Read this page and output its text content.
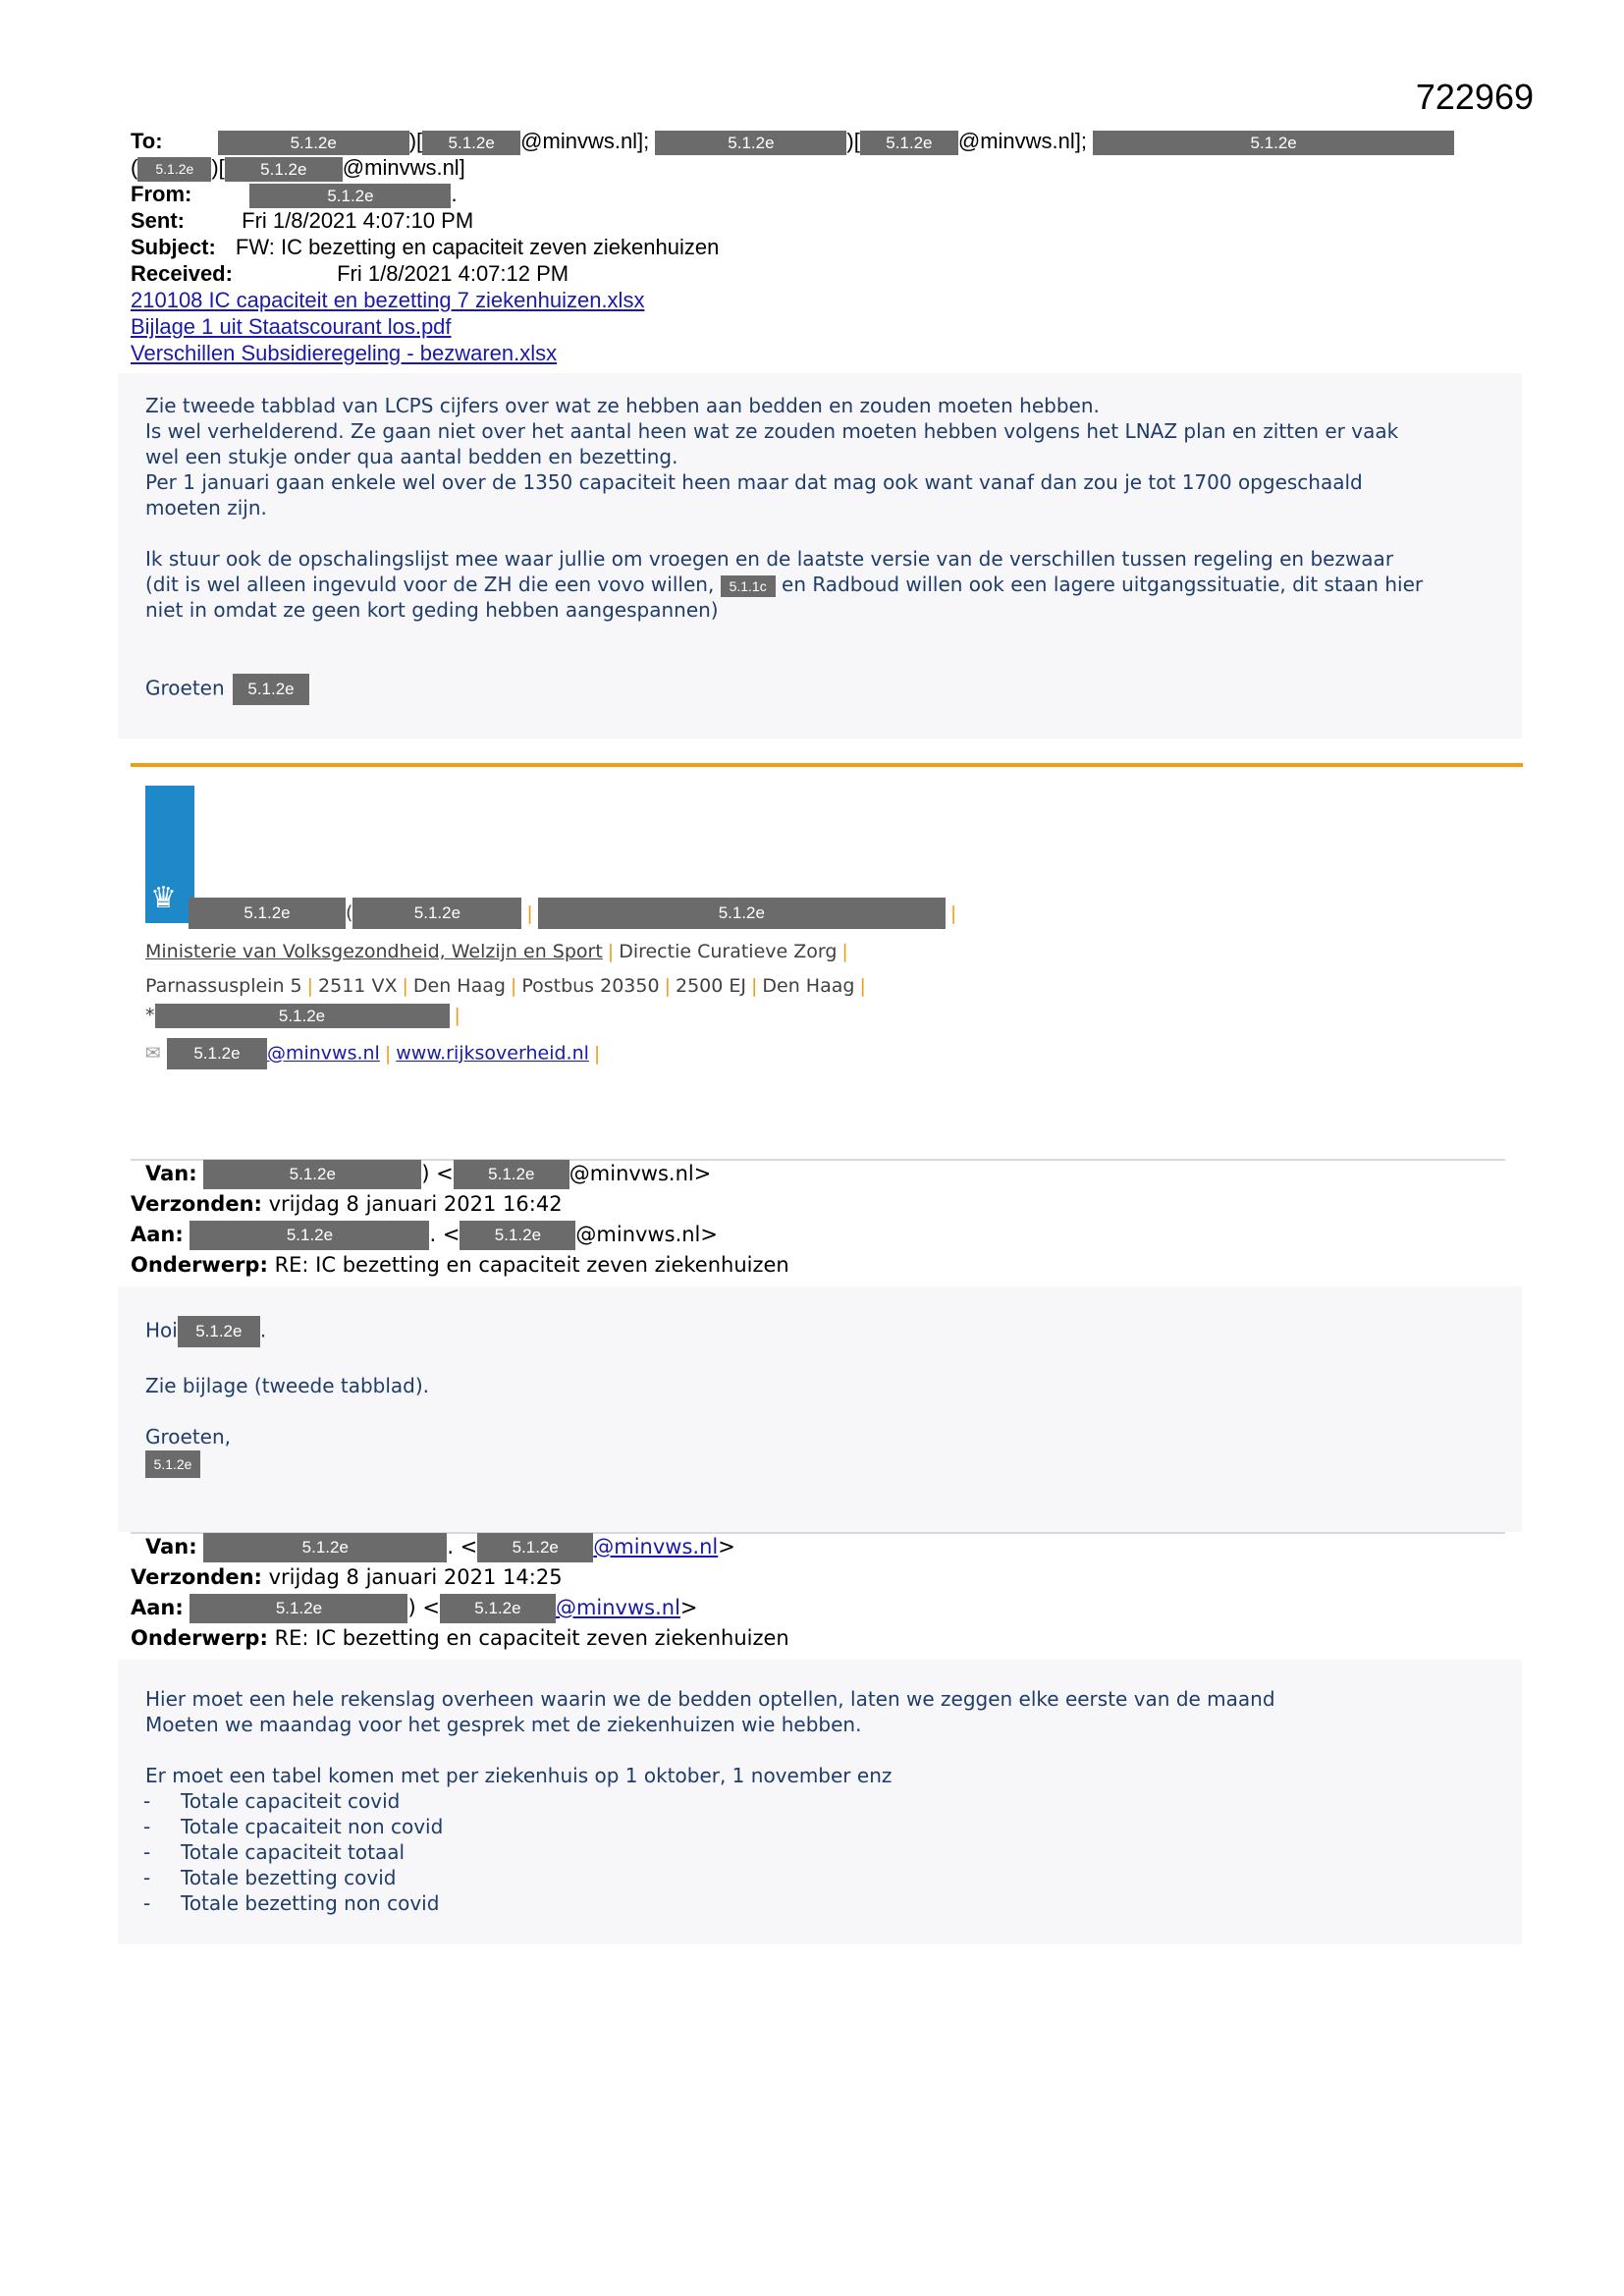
722969
To:	5.1.2e	)[ 5.1.2e @minvws.nl];	5.1.2e	)[ 5.1.2e @minvws.nl];	5.1.2e
( 5.1.2e )[ 5.1.2e @minvws.nl]
From:	5.1.2e	.
Sent:	Fri 1/8/2021 4:07:10 PM
Subject: FW: IC bezetting en capaciteit zeven ziekenhuizen
Received:	Fri 1/8/2021 4:07:12 PM
210108 IC capaciteit en bezetting 7 ziekenhuizen.xlsx
Bijlage 1 uit Staatscourant los.pdf
Verschillen Subsidieregeling - bezwaren.xlsx

Zie tweede tabblad van LCPS cijfers over wat ze hebben aan bedden en zouden moeten hebben.

Is wel verhelderend. Ze gaan niet over het aantal heen wat ze zouden moeten hebben volgens het LNAZ plan en zitten er vaak

wel een stukje onder qua aantal bedden en bezetting.

Per 1 januari gaan enkele wel over de 1350 capaciteit heen maar dat mag ook want vanaf dan zou je tot 1700 opgeschaald

moeten zijn.

Ik stuur ook de opschalingslijst mee waar jullie om vroegen en de laatste versie van de verschillen tussen regeling en bezwaar

(dit is wel alleen ingevuld voor de ZH die een vovo willen, 5.1.1c en Radboud willen ook een lagere uitgangssituatie, dit staan hier

niet in omdat ze geen kort geding hebben aangespannen)

Groeten 5.1.2e

♛	5.1.2e	(	5.1.2e	|	5.1.2e	|
Ministerie van Volksgezondheid, Welzijn en Sport | Directie Curatieve Zorg |
Parnassusplein 5 | 2511 VX | Den Haag | Postbus 20350 | 2500 EJ | Den Haag |
*	5.1.2e	|
✉ 5.1.2e @minvws.nl | www.rijksoverheid.nl |
Van:	5.1.2e	) < 5.1.2e @minvws.nl>
Verzonden: vrijdag 8 januari 2021 16:42
Aan:	5.1.2e	. < 5.1.2e @minvws.nl>
Onderwerp: RE: IC bezetting en capaciteit zeven ziekenhuizen

Hoi 5.1.2e .

Zie bijlage (tweede tabblad).

Groeten,

5.1.2e

Van:	5.1.2e	. < 5.1.2e @minvws.nl>
Verzonden: vrijdag 8 januari 2021 14:25
Aan:	5.1.2e	) < 5.1.2e @minvws.nl>
Onderwerp: RE: IC bezetting en capaciteit zeven ziekenhuizen

Hier moet een hele rekenslag overheen waarin we de bedden optellen, laten we zeggen elke eerste van de maand

Moeten we maandag voor het gesprek met de ziekenhuizen wie hebben.

Er moet een tabel komen met per ziekenhuis op 1 oktober, 1 november enz

- Totale capaciteit covid
- Totale cpacaiteit non covid
- Totale capaciteit totaal
- Totale bezetting covid
- Totale bezetting non covid
